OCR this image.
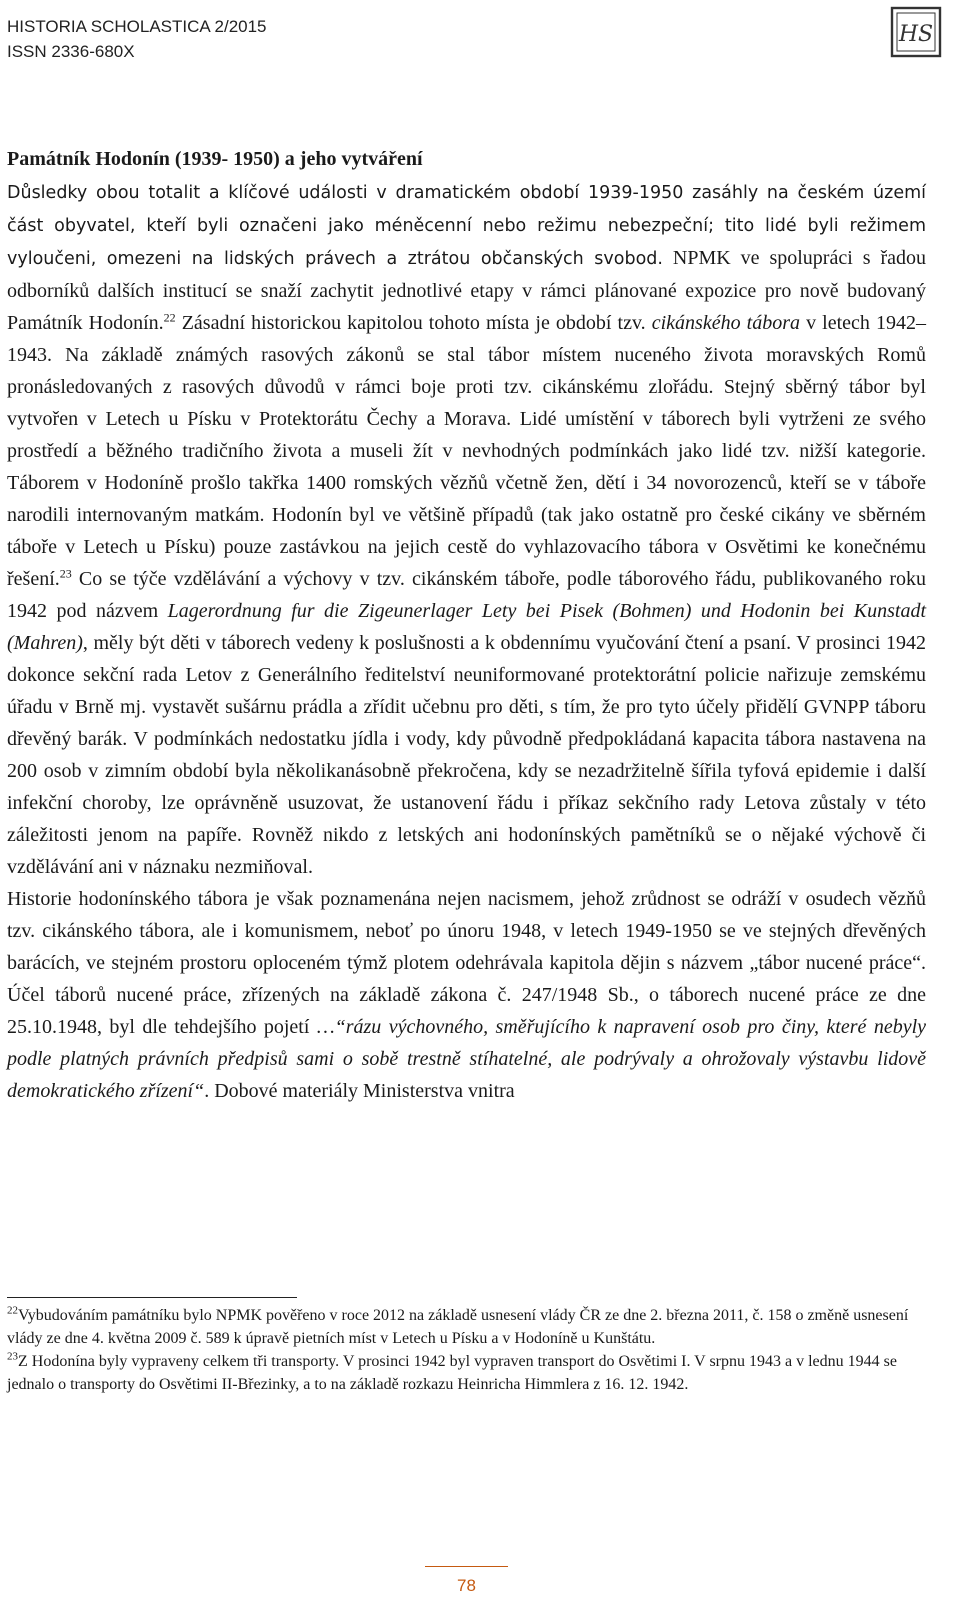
HISTORIA SCHOLASTICA 2/2015
ISSN 2336-680X
HS

Památník Hodonín (1939- 1950) a jeho vytváření

Důsledky obou totalit a klíčové události v dramatickém období 1939-1950 zasáhly na českém území část obyvatel, kteří byli označeni jako méněcenní nebo režimu nebezpeční; tito lidé byli režimem vyloučeni, omezeni na lidských právech a ztrátou občanských svobod. NPMK ve spolupráci s řadou odborníků dalších institucí se snaží zachytit jednotlivé etapy v rámci plánované expozice pro nově budovaný Památník Hodonín.$^{22}$ Zásadní historickou kapitolou tohoto místa je období tzv. cikánského tábora v letech 1942–1943. Na základě známých rasových zákonů se stal tábor místem nuceného života moravských Romů pronásledovaných z rasových důvodů v rámci boje proti tzv. cikánskému zlořádu. Stejný sběrný tábor byl vytvořen v Letech u Písku v Protektorátu Čechy a Morava. Lidé umístění v táborech byli vytrženi ze svého prostředí a běžného tradičního života a museli žít v nevhodných podmínkách jako lidé tzv. nižší kategorie. Táborem v Hodoníně prošlo takřka 1400 romských vězňů včetně žen, dětí i 34 novorozenců, kteří se v táboře narodili internovaným matkám. Hodonín byl ve většině případů (tak jako ostatně pro české cikány ve sběrném táboře v Letech u Písku) pouze zastávkou na jejich cestě do vyhlazovacího tábora v Osvětimi ke konečnému řešení.$^{23}$ Co se týče vzdělávání a výchovy v tzv. cikánském táboře, podle táborového řádu, publikovaného roku 1942 pod názvem Lagerordnung fur die Zigeunerlager Lety bei Pisek (Bohmen) und Hodonin bei Kunstadt (Mahren), měly být děti v táborech vedeny k poslušnosti a k obdennímu vyučování čtení a psaní. V prosinci 1942 dokonce sekční rada Letov z Generálního ředitelství neuniformované protektorátní policie nařizuje zemskému úřadu v Brně mj. vystavět sušárnu prádla a zřídit učebnu pro děti, s tím, že pro tyto účely přidělí GVNPP táboru dřevěný barák. V podmínkách nedostatku jídla i vody, kdy původně předpokládaná kapacita tábora nastavena na 200 osob v zimním období byla několikanásobně překročena, kdy se nezadržitelně šířila tyfová epidemie i další infekční choroby, lze oprávněně usuzovat, že ustanovení řádu i příkaz sekčního rady Letova zůstaly v této záležitosti jenom na papíře. Rovněž nikdo z letských ani hodonínských pamětníků se o nějaké výchově či vzdělávání ani v náznaku nezmiňoval.

Historie hodonínského tábora je však poznamenána nejen nacismem, jehož zrůdnost se odráží v osudech vězňů tzv. cikánského tábora, ale i komunismem, neboť po únoru 1948, v letech 1949-1950 se ve stejných dřevěných barácích, ve stejném prostoru oploceném týmž plotem odehrávala kapitola dějin s názvem „tábor nucené práce“. Účel táborů nucené práce, zřízených na základě zákona č. 247/1948 Sb., o táborech nucené práce ze dne 25.10.1948, byl dle tehdejšího pojetí …“rázu výchovného, směřujícího k napravení osob pro činy, které nebyly podle platných právních předpisů sami o sobě trestně stíhatelné, ale podrývaly a ohrožovaly výstavbu lidově demokratického zřízení“. Dobové materiály Ministerstva vnitra

$^{22}$Vybudováním památníku bylo NPMK pověřeno v roce 2012 na základě usnesení vlády ČR ze dne 2. března 2011, č. 158 o změně usnesení vlády ze dne 4. května 2009 č. 589 k úpravě pietních míst v Letech u Písku a v Hodoníně u Kunštátu.

$^{23}$Z Hodonína byly vypraveny celkem tři transporty. V prosinci 1942 byl vypraven transport do Osvětimi I. V srpnu 1943 a v lednu 1944 se jednalo o transporty do Osvětimi II-Březinky, a to na základě rozkazu Heinricha Himmlera z 16. 12. 1942.

78
